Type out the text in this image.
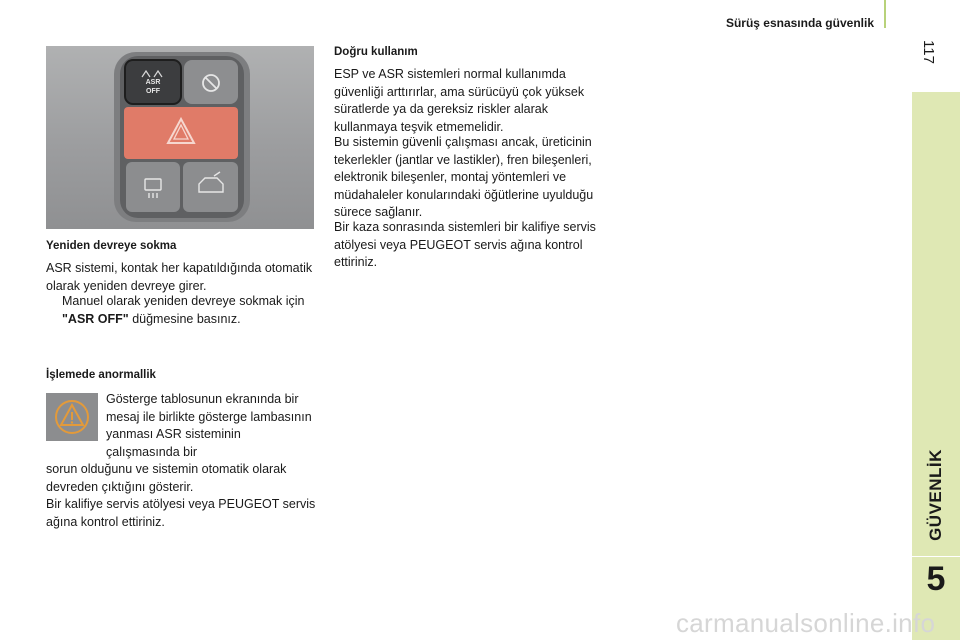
Sürüş esnasında güvenlik
117
GÜVENLİK
5
ASR
OFF
Yeniden devreye sokma

ASR sistemi, kontak her kapatıldığında otomatik olarak yeniden devreye girer.

Manuel olarak yeniden devreye sokmak için "ASR OFF" düğmesine basınız.
İşlemede anormallik

Gösterge tablosunun ekranında bir mesaj ile birlikte gösterge lambasının yanması ASR sisteminin çalışmasında bir

sorun olduğunu ve sistemin otomatik olarak devreden çıktığını gösterir.
Bir kalifiye servis atölyesi veya PEUGEOT servis ağına kontrol ettiriniz.

Doğru kullanım

ESP ve ASR sistemleri normal kullanımda güvenliği arttırırlar, ama sürücüyü çok yüksek süratlerde ya da gereksiz riskler alarak kullanmaya teşvik etmemelidir.

Bu sistemin güvenli çalışması ancak, üreticinin tekerlekler (jantlar ve lastikler), fren bileşenleri, elektronik bileşenler, montaj yöntemleri ve müdahaleler konularındaki öğütlerine uyulduğu sürece sağlanır.

Bir kaza sonrasında sistemleri bir kalifiye servis atölyesi veya PEUGEOT servis ağına kontrol ettiriniz.

carmanualsonline.info
